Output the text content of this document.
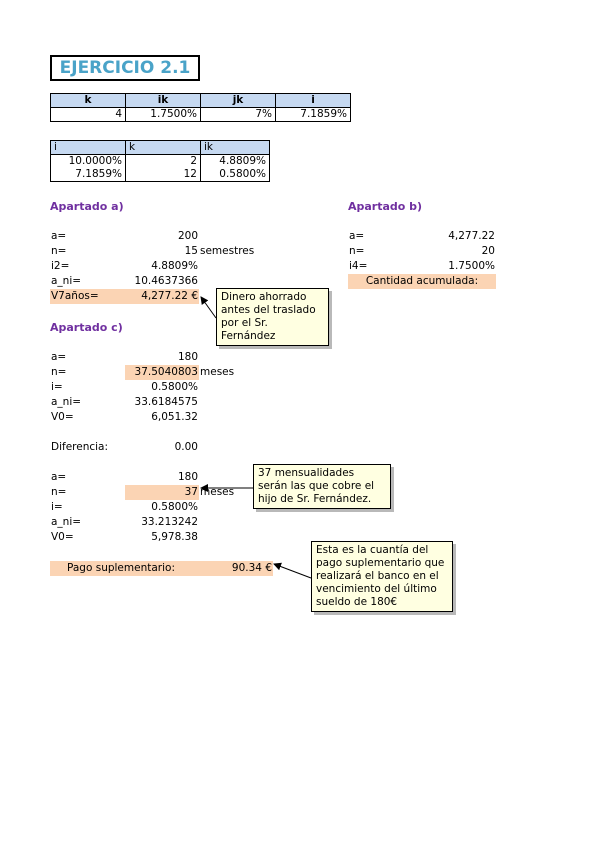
EJERCICIO 2.1
k	ik	jk	i
4	1.7500%	7%	7.1859%
i	k	ik
10.0000%	2	4.8809%
7.1859%	12	0.5800%
Apartado a)
a=	200
n=	15 semestres
i2=	4.8809%
a_ni=	10.4637366
V7años=	4,277.22 €
Apartado b)
a=	4,277.22
n=	20
i4=	1.7500%
Cantidad acumulada:
Apartado c)
a=	180
n=	37.5040803 meses
i=	0.5800%
a_ni=	33.6184575
V0=	6,051.32
Diferencia:	0.00
a=	180
n=	37 meses
i=	0.5800%
a_ni=	33.213242
V0=	5,978.38
Pago suplementario:	90.34 €
Dinero ahorrado antes del traslado por el Sr. Fernández
37 mensualidades serán las que cobre el hijo de Sr. Fernández.
Esta es la cuantía del pago suplementario que realizará el banco en el vencimiento del último sueldo de 180€
